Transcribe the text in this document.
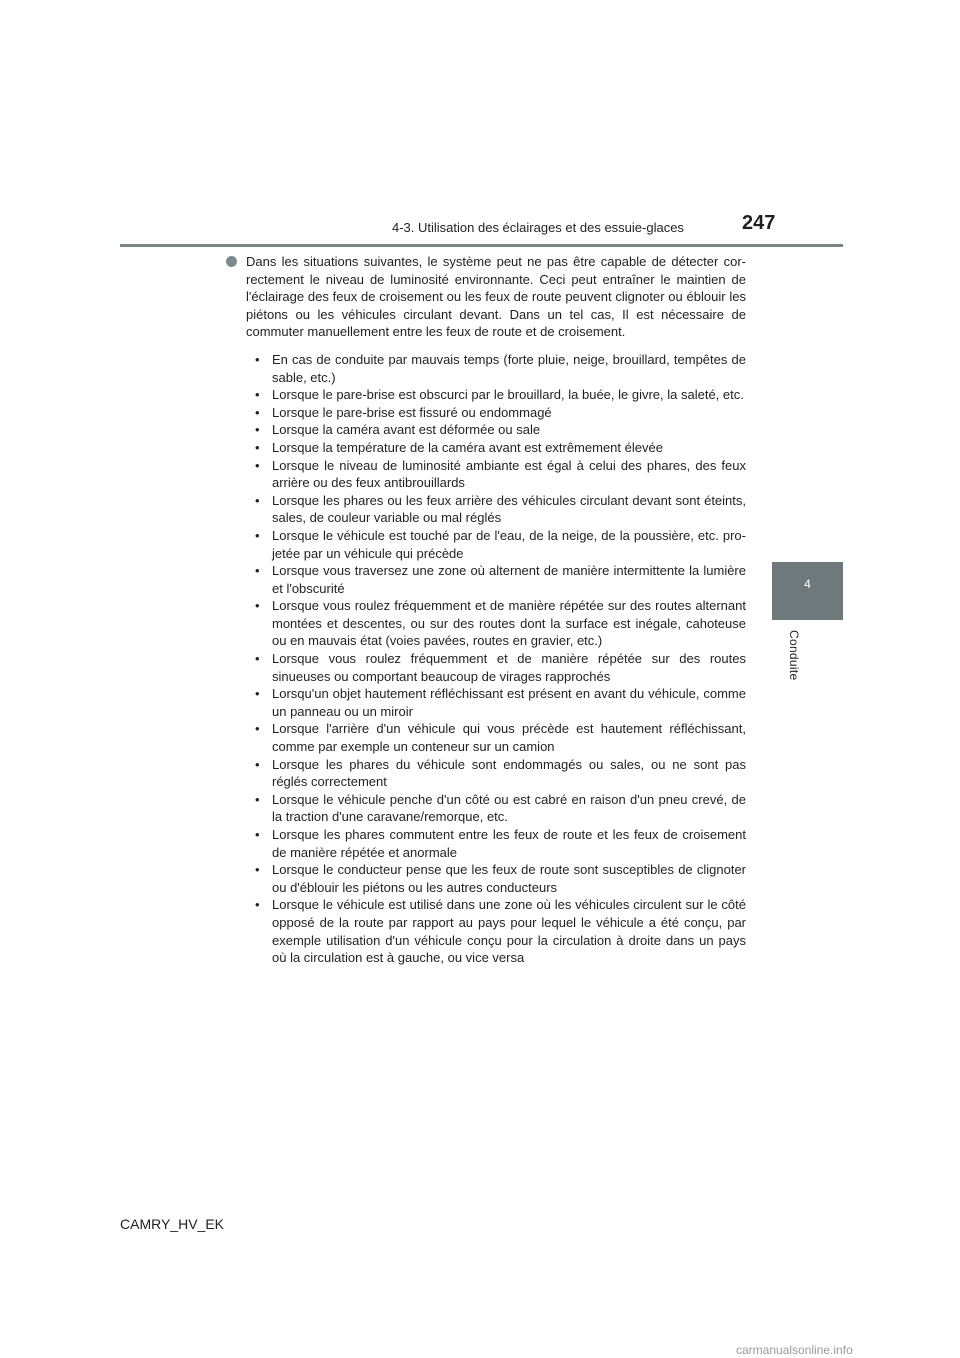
4-3. Utilisation des éclairages et des essuie-glaces	247
4
Conduite

Dans les situations suivantes, le système peut ne pas être capable de détecter cor-rectement le niveau de luminosité environnante. Ceci peut entraîner le maintien de l'éclairage des feux de croisement ou les feux de route peuvent clignoter ou éblouir les piétons ou les véhicules circulant devant. Dans un tel cas, Il est nécessaire de commuter manuellement entre les feux de route et de croisement.

• En cas de conduite par mauvais temps (forte pluie, neige, brouillard, tempêtes de sable, etc.)
• Lorsque le pare-brise est obscurci par le brouillard, la buée, le givre, la saleté, etc.
• Lorsque le pare-brise est fissuré ou endommagé
• Lorsque la caméra avant est déformée ou sale
• Lorsque la température de la caméra avant est extrêmement élevée
• Lorsque le niveau de luminosité ambiante est égal à celui des phares, des feux arrière ou des feux antibrouillards
• Lorsque les phares ou les feux arrière des véhicules circulant devant sont éteints, sales, de couleur variable ou mal réglés
• Lorsque le véhicule est touché par de l'eau, de la neige, de la poussière, etc. pro-jetée par un véhicule qui précède
• Lorsque vous traversez une zone où alternent de manière intermittente la lumière et l'obscurité
• Lorsque vous roulez fréquemment et de manière répétée sur des routes alternant montées et descentes, ou sur des routes dont la surface est inégale, cahoteuse ou en mauvais état (voies pavées, routes en gravier, etc.)
• Lorsque vous roulez fréquemment et de manière répétée sur des routes sinueuses ou comportant beaucoup de virages rapprochés
• Lorsqu'un objet hautement réfléchissant est présent en avant du véhicule, comme un panneau ou un miroir
• Lorsque l'arrière d'un véhicule qui vous précède est hautement réfléchissant, comme par exemple un conteneur sur un camion
• Lorsque les phares du véhicule sont endommagés ou sales, ou ne sont pas réglés correctement
• Lorsque le véhicule penche d'un côté ou est cabré en raison d'un pneu crevé, de la traction d'une caravane/remorque, etc.
• Lorsque les phares commutent entre les feux de route et les feux de croisement de manière répétée et anormale
• Lorsque le conducteur pense que les feux de route sont susceptibles de clignoter ou d'éblouir les piétons ou les autres conducteurs
• Lorsque le véhicule est utilisé dans une zone où les véhicules circulent sur le côté opposé de la route par rapport au pays pour lequel le véhicule a été conçu, par exemple utilisation d'un véhicule conçu pour la circulation à droite dans un pays où la circulation est à gauche, ou vice versa
CAMRY_HV_EK
carmanualsonline.info
